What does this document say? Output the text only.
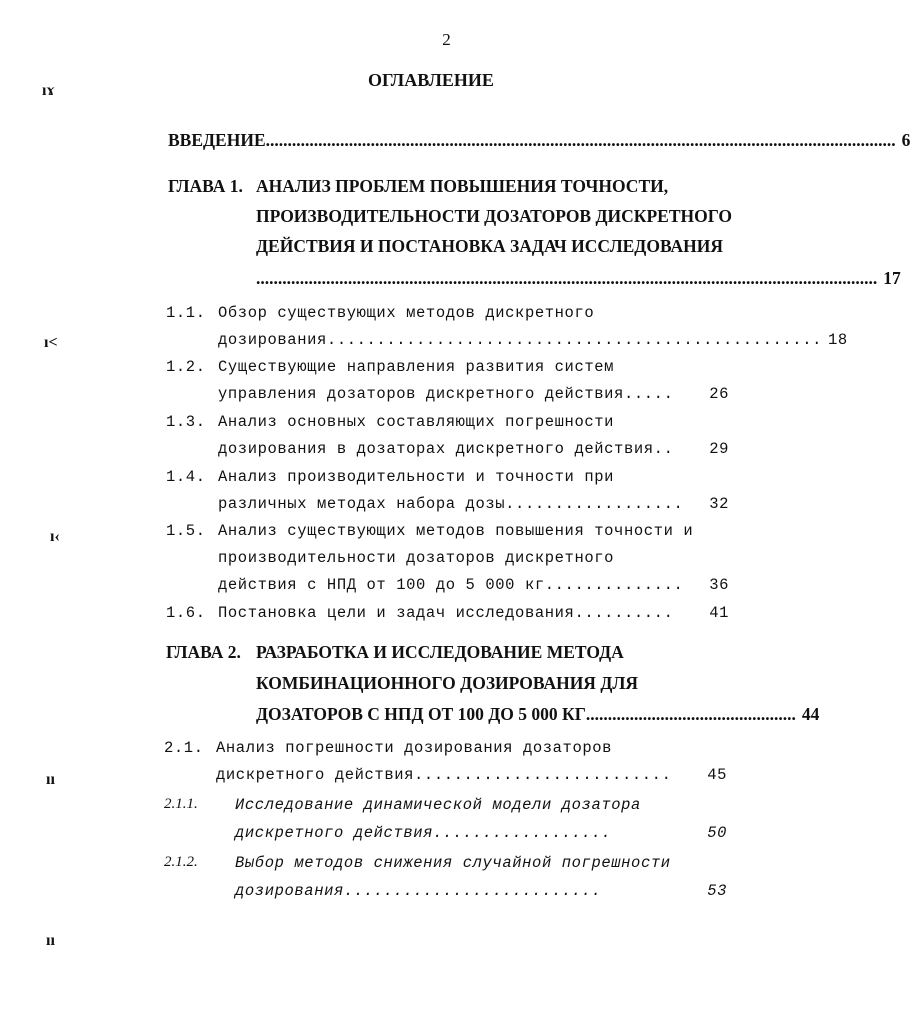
2
ОГЛАВЛЕНИЕ
ıɤ
ı<
ı‹
ıı
ıı
ВВЕДЕНИЕ ................................................................................................................................................ 6
ГЛАВА 1. АНАЛИЗ ПРОБЛЕМ ПОВЫШЕНИЯ ТОЧНОСТИ,
ПРОИЗВОДИТЕЛЬНОСТИ ДОЗАТОРОВ ДИСКРЕТНОГО
ДЕЙСТВИЯ И ПОСТАНОВКА ЗАДАЧ ИССЛЕДОВАНИЯ
.............................................................................................................................................. 17
1.1. Обзор существующих методов дискретного
дозирования .................................................. 18
1.2. Существующие направления развития систем
управления дозаторов дискретного действия .....	26
1.3. Анализ основных составляющих погрешности
дозирования в дозаторах дискретного действия ..	29
1.4. Анализ производительности и точности при
различных методах набора дозы ..................	32
1.5. Анализ существующих методов повышения точности и
производительности дозаторов дискретного
действия с НПД от 100 до 5 000 кг ..............	36
1.6. Постановка цели и задач исследования ..........	41
ГЛАВА 2. РАЗРАБОТКА И ИССЛЕДОВАНИЕ МЕТОДА
КОМБИНАЦИОННОГО ДОЗИРОВАНИЯ ДЛЯ
ДОЗАТОРОВ С НПД ОТ 100 ДО 5 000 КГ ................................................ 44
2.1. Анализ погрешности дозирования дозаторов
дискретного действия ..........................	45
2.1.1. Исследование динамической модели дозатора
дискретного действия ..................	50
2.1.2. Выбор методов снижения случайной погрешности
дозирования ..........................	53
